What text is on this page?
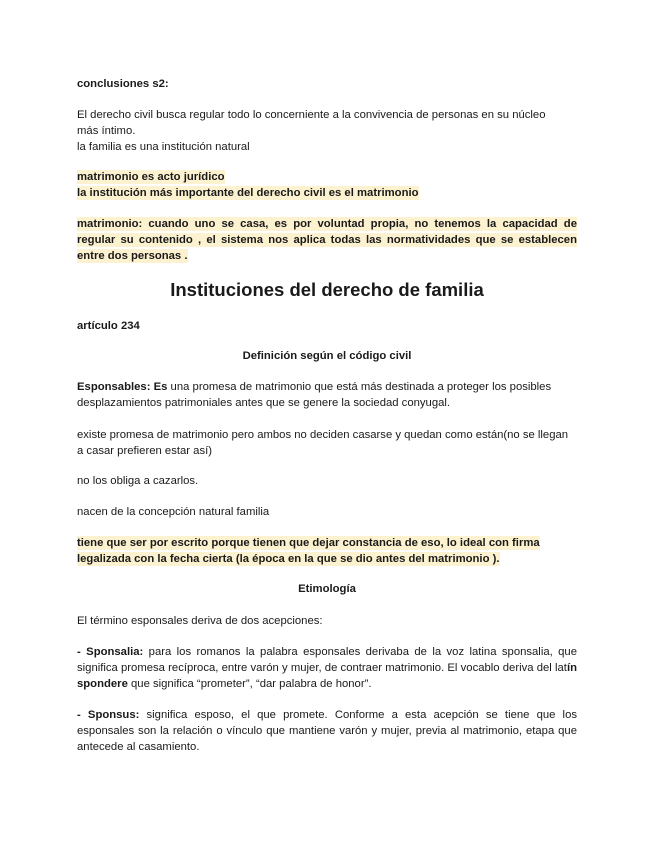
conclusiones s2:

El derecho civil busca regular todo lo concerniente a la convivencia de personas en su núcleo

más íntimo.

la familia es una institución natural

matrimonio es acto jurídico

la institución más importante del derecho civil es el matrimonio

matrimonio: cuando uno se casa, es por voluntad propia, no tenemos la capacidad de regular su contenido , el sistema nos aplica todas las normatividades que se establecen entre dos personas .

Instituciones del derecho de familia

artículo 234

Definición según el código civil

Esponsables: Es una promesa de matrimonio que está más destinada a proteger los posibles desplazamientos patrimoniales antes que se genere la sociedad conyugal.

existe promesa de matrimonio pero ambos no deciden casarse y quedan como están(no se llegan a casar prefieren estar así)

no los obliga a cazarlos.

nacen de la concepción natural familia

tiene que ser por escrito porque tienen que dejar constancia de eso, lo ideal con firma legalizada con la fecha cierta (la época en la que se dio antes del matrimonio ).

Etimología

El término esponsales deriva de dos acepciones:

- Sponsalia: para los romanos la palabra esponsales derivaba de la voz latina sponsalia, que significa promesa recíproca, entre varón y mujer, de contraer matrimonio. El vocablo deriva del latín spondere que significa “prometer”, “dar palabra de honor”.

- Sponsus: significa esposo, el que promete. Conforme a esta acepción se tiene que los esponsales son la relación o vínculo que mantiene varón y mujer, previa al matrimonio, etapa que antecede al casamiento.
